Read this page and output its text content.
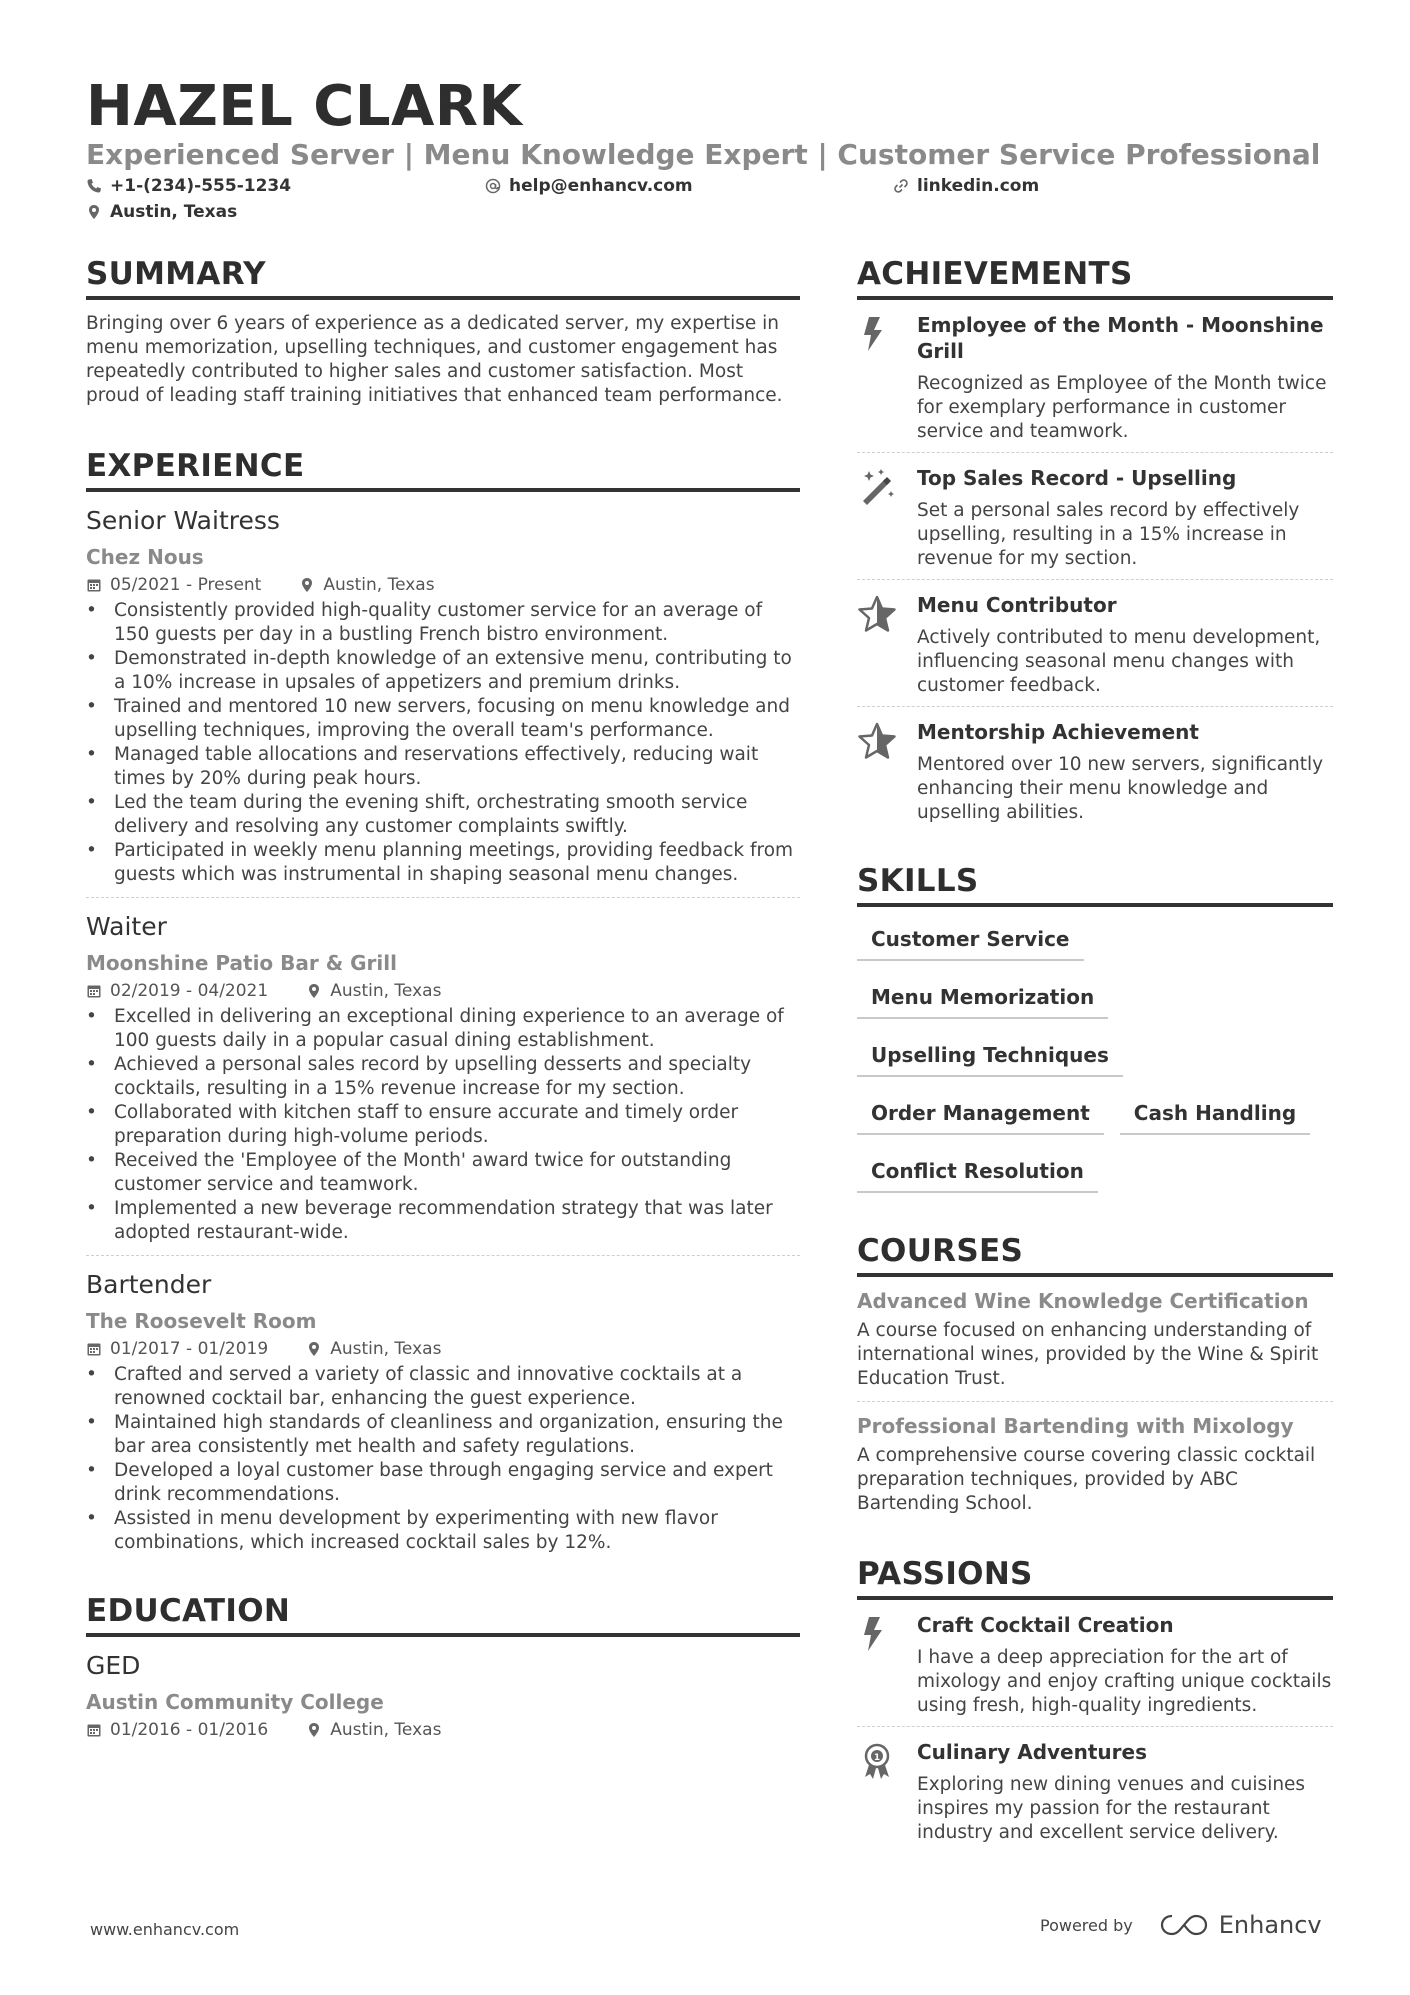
HAZEL CLARK
Experienced Server | Menu Knowledge Expert | Customer Service Professional
+1-(234)-555-1234	help@enhancv.com	linkedin.com
Austin, Texas
SUMMARY

Bringing over 6 years of experience as a dedicated server, my expertise in menu memorization, upselling techniques, and customer engagement has repeatedly contributed to higher sales and customer satisfaction. Most proud of leading staff training initiatives that enhanced team performance.

EXPERIENCE
Senior Waitress
Chez Nous
05/2021 - Present	Austin, Texas
• Consistently provided high-quality customer service for an average of 150 guests per day in a bustling French bistro environment.
• Demonstrated in-depth knowledge of an extensive menu, contributing to a 10% increase in upsales of appetizers and premium drinks.
• Trained and mentored 10 new servers, focusing on menu knowledge and upselling techniques, improving the overall team's performance.
• Managed table allocations and reservations effectively, reducing wait times by 20% during peak hours.
• Led the team during the evening shift, orchestrating smooth service delivery and resolving any customer complaints swiftly.
• Participated in weekly menu planning meetings, providing feedback from guests which was instrumental in shaping seasonal menu changes.
Waiter
Moonshine Patio Bar & Grill
02/2019 - 04/2021	Austin, Texas
• Excelled in delivering an exceptional dining experience to an average of 100 guests daily in a popular casual dining establishment.
• Achieved a personal sales record by upselling desserts and specialty cocktails, resulting in a 15% revenue increase for my section.
• Collaborated with kitchen staff to ensure accurate and timely order preparation during high-volume periods.
• Received the 'Employee of the Month' award twice for outstanding customer service and teamwork.
• Implemented a new beverage recommendation strategy that was later adopted restaurant-wide.
Bartender
The Roosevelt Room
01/2017 - 01/2019	Austin, Texas
• Crafted and served a variety of classic and innovative cocktails at a renowned cocktail bar, enhancing the guest experience.
• Maintained high standards of cleanliness and organization, ensuring the bar area consistently met health and safety regulations.
• Developed a loyal customer base through engaging service and expert drink recommendations.
• Assisted in menu development by experimenting with new flavor combinations, which increased cocktail sales by 12%.
EDUCATION
GED
Austin Community College
01/2016 - 01/2016	Austin, Texas
ACHIEVEMENTS
Employee of the Month - Moonshine Grill
Recognized as Employee of the Month twice for exemplary performance in customer service and teamwork.
Top Sales Record - Upselling
Set a personal sales record by effectively upselling, resulting in a 15% increase in revenue for my section.
Menu Contributor
Actively contributed to menu development, influencing seasonal menu changes with customer feedback.
Mentorship Achievement
Mentored over 10 new servers, significantly enhancing their menu knowledge and upselling abilities.
SKILLS
Customer Service
Menu Memorization
Upselling Techniques
Order Management	Cash Handling
Conflict Resolution
COURSES
Advanced Wine Knowledge Certification
A course focused on enhancing understanding of international wines, provided by the Wine & Spirit Education Trust.
Professional Bartending with Mixology
A comprehensive course covering classic cocktail preparation techniques, provided by ABC Bartending School.
PASSIONS
Craft Cocktail Creation
I have a deep appreciation for the art of mixology and enjoy crafting unique cocktails using fresh, high-quality ingredients.
1 Culinary Adventures
Exploring new dining venues and cuisines inspires my passion for the restaurant industry and excellent service delivery.
www.enhancv.com	Powered by	Enhancv
